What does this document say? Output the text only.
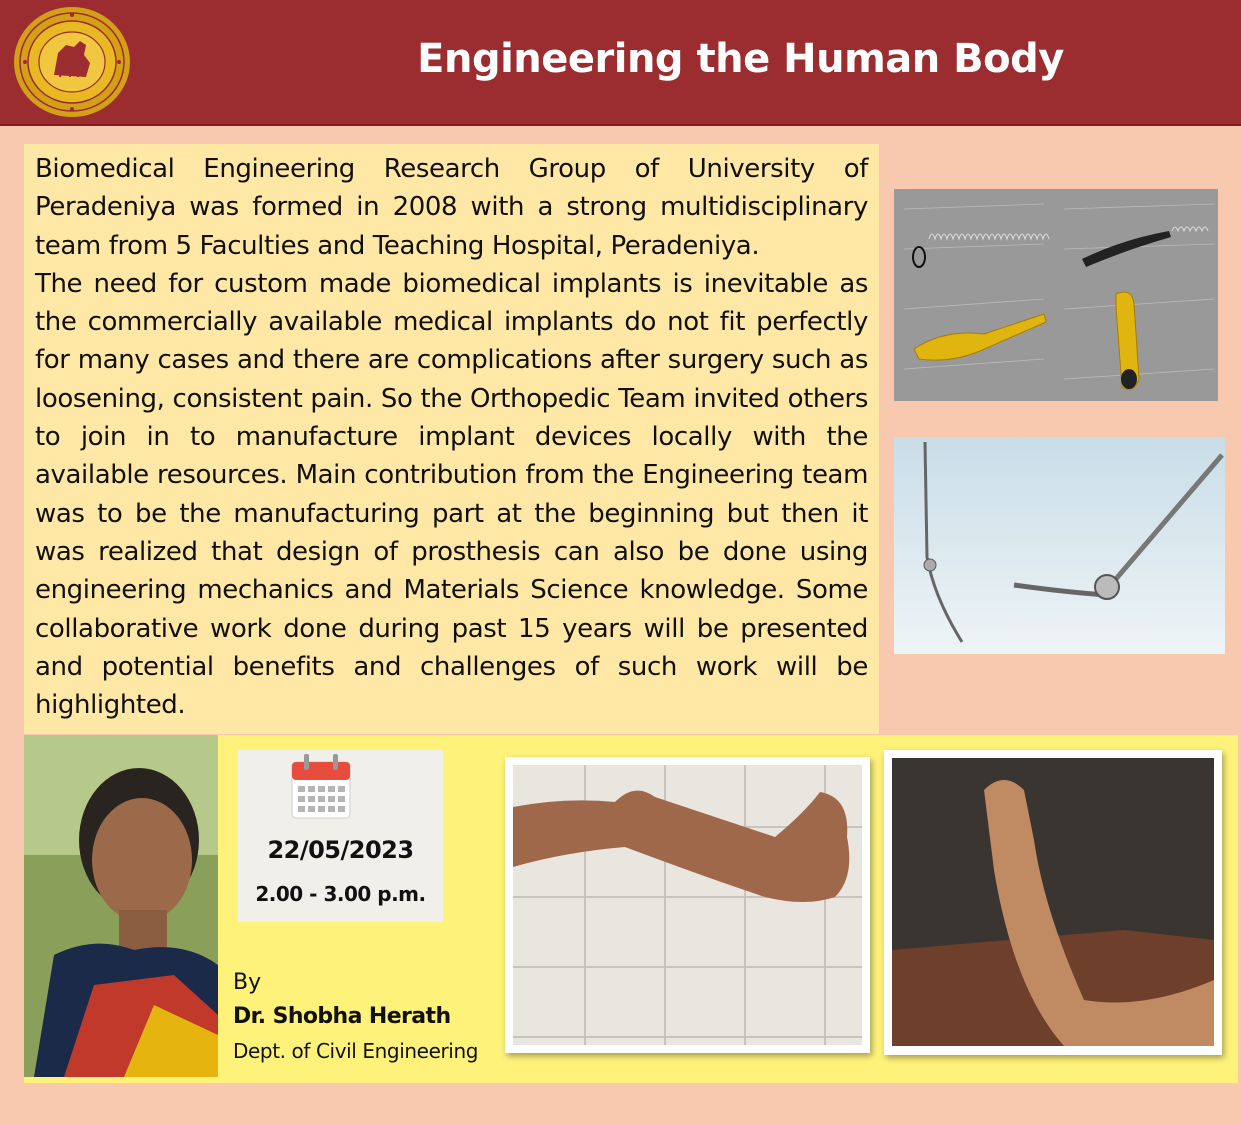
Engineering the Human Body

Biomedical Engineering Research Group of University of Peradeniya was formed in 2008 with a strong multidisciplinary team from 5 Faculties and Teaching Hospital, Peradeniya.

The need for custom made biomedical implants is inevitable as the commercially available medical implants do not fit perfectly for many cases and there are complications after surgery such as loosening, consistent pain. So the Orthopedic Team invited others to join in to manufacture implant devices locally with the available resources. Main contribution from the Engineering team was to be the manufacturing part at the beginning but then it was realized that design of prosthesis can also be done using engineering mechanics and Materials Science knowledge. Some collaborative work done during past 15 years will be presented and potential benefits and challenges of such work will be highlighted.

22/05/2023
2.00 - 3.00 p.m.
By
Dr. Shobha Herath
Dept. of Civil Engineering
